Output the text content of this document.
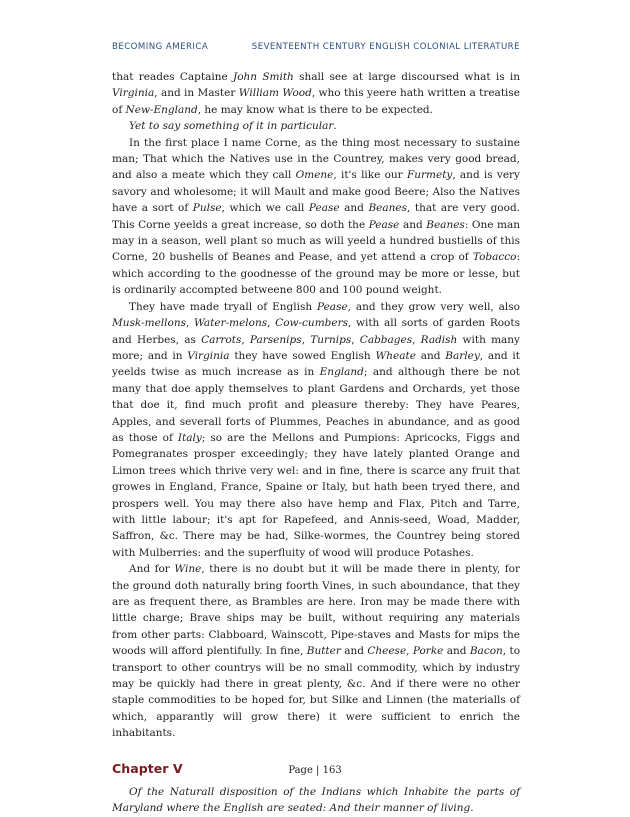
BECOMING AMERICA	SEVENTEENTH CENTURY ENGLISH COLONIAL LITERATURE

that reades Captaine John Smith shall see at large discoursed what is in Virginia, and in Master William Wood, who this yeere hath written a treatise of New-England, he may know what is there to be expected.

Yet to say something of it in particular.

In the first place I name Corne, as the thing most necessary to sustaine man; That which the Natives use in the Countrey, makes very good bread, and also a meate which they call Omene, it's like our Furmety, and is very savory and wholesome; it will Mault and make good Beere; Also the Natives have a sort of Pulse, which we call Pease and Beanes, that are very good. This Corne yeelds a great increase, so doth the Pease and Beanes: One man may in a season, well plant so much as will yeeld a hundred bustiells of this Corne, 20 bushells of Beanes and Pease, and yet attend a crop of Tobacco: which according to the goodnesse of the ground may be more or lesse, but is ordinarily accompted betweene 800 and 100 pound weight.

They have made tryall of English Pease, and they grow very well, also Musk-mellons, Water-melons, Cow-cumbers, with all sorts of garden Roots and Herbes, as Carrots, Parsenips, Turnips, Cabbages, Radish with many more; and in Virginia they have sowed English Wheate and Barley, and it yeelds twise as much increase as in England; and although there be not many that doe apply themselves to plant Gardens and Orchards, yet those that doe it, find much profit and pleasure thereby: They have Peares, Apples, and severall forts of Plummes, Peaches in abundance, and as good as those of Italy; so are the Mellons and Pumpions: Apricocks, Figgs and Pomegranates prosper exceedingly; they have lately planted Orange and Limon trees which thrive very wel: and in fine, there is scarce any fruit that growes in England, France, Spaine or Italy, but hath been tryed there, and prospers well. You may there also have hemp and Flax, Pitch and Tarre, with little labour; it's apt for Rapefeed, and Annis-seed, Woad, Madder, Saffron, &c. There may be had, Silke-wormes, the Countrey being stored with Mulberries: and the superfluity of wood will produce Potashes.

And for Wine, there is no doubt but it will be made there in plenty, for the ground doth naturally bring foorth Vines, in such aboundance, that they are as frequent there, as Brambles are here. Iron may be made there with little charge; Brave ships may be built, without requiring any materials from other parts: Clabboard, Wainscott, Pipe-staves and Masts for mips the woods will afford plentifully. In fine, Butter and Cheese, Porke and Bacon, to transport to other countrys will be no small commodity, which by industry may be quickly had there in great plenty, &c. And if there were no other staple commodities to be hoped for, but Silke and Linnen (the materialls of which, apparantly will grow there) it were sufficient to enrich the inhabitants.

Chapter V

Of the Naturall disposition of the Indians which Inhabite the parts of Maryland where the English are seated: And their manner of living.

Page | 163
